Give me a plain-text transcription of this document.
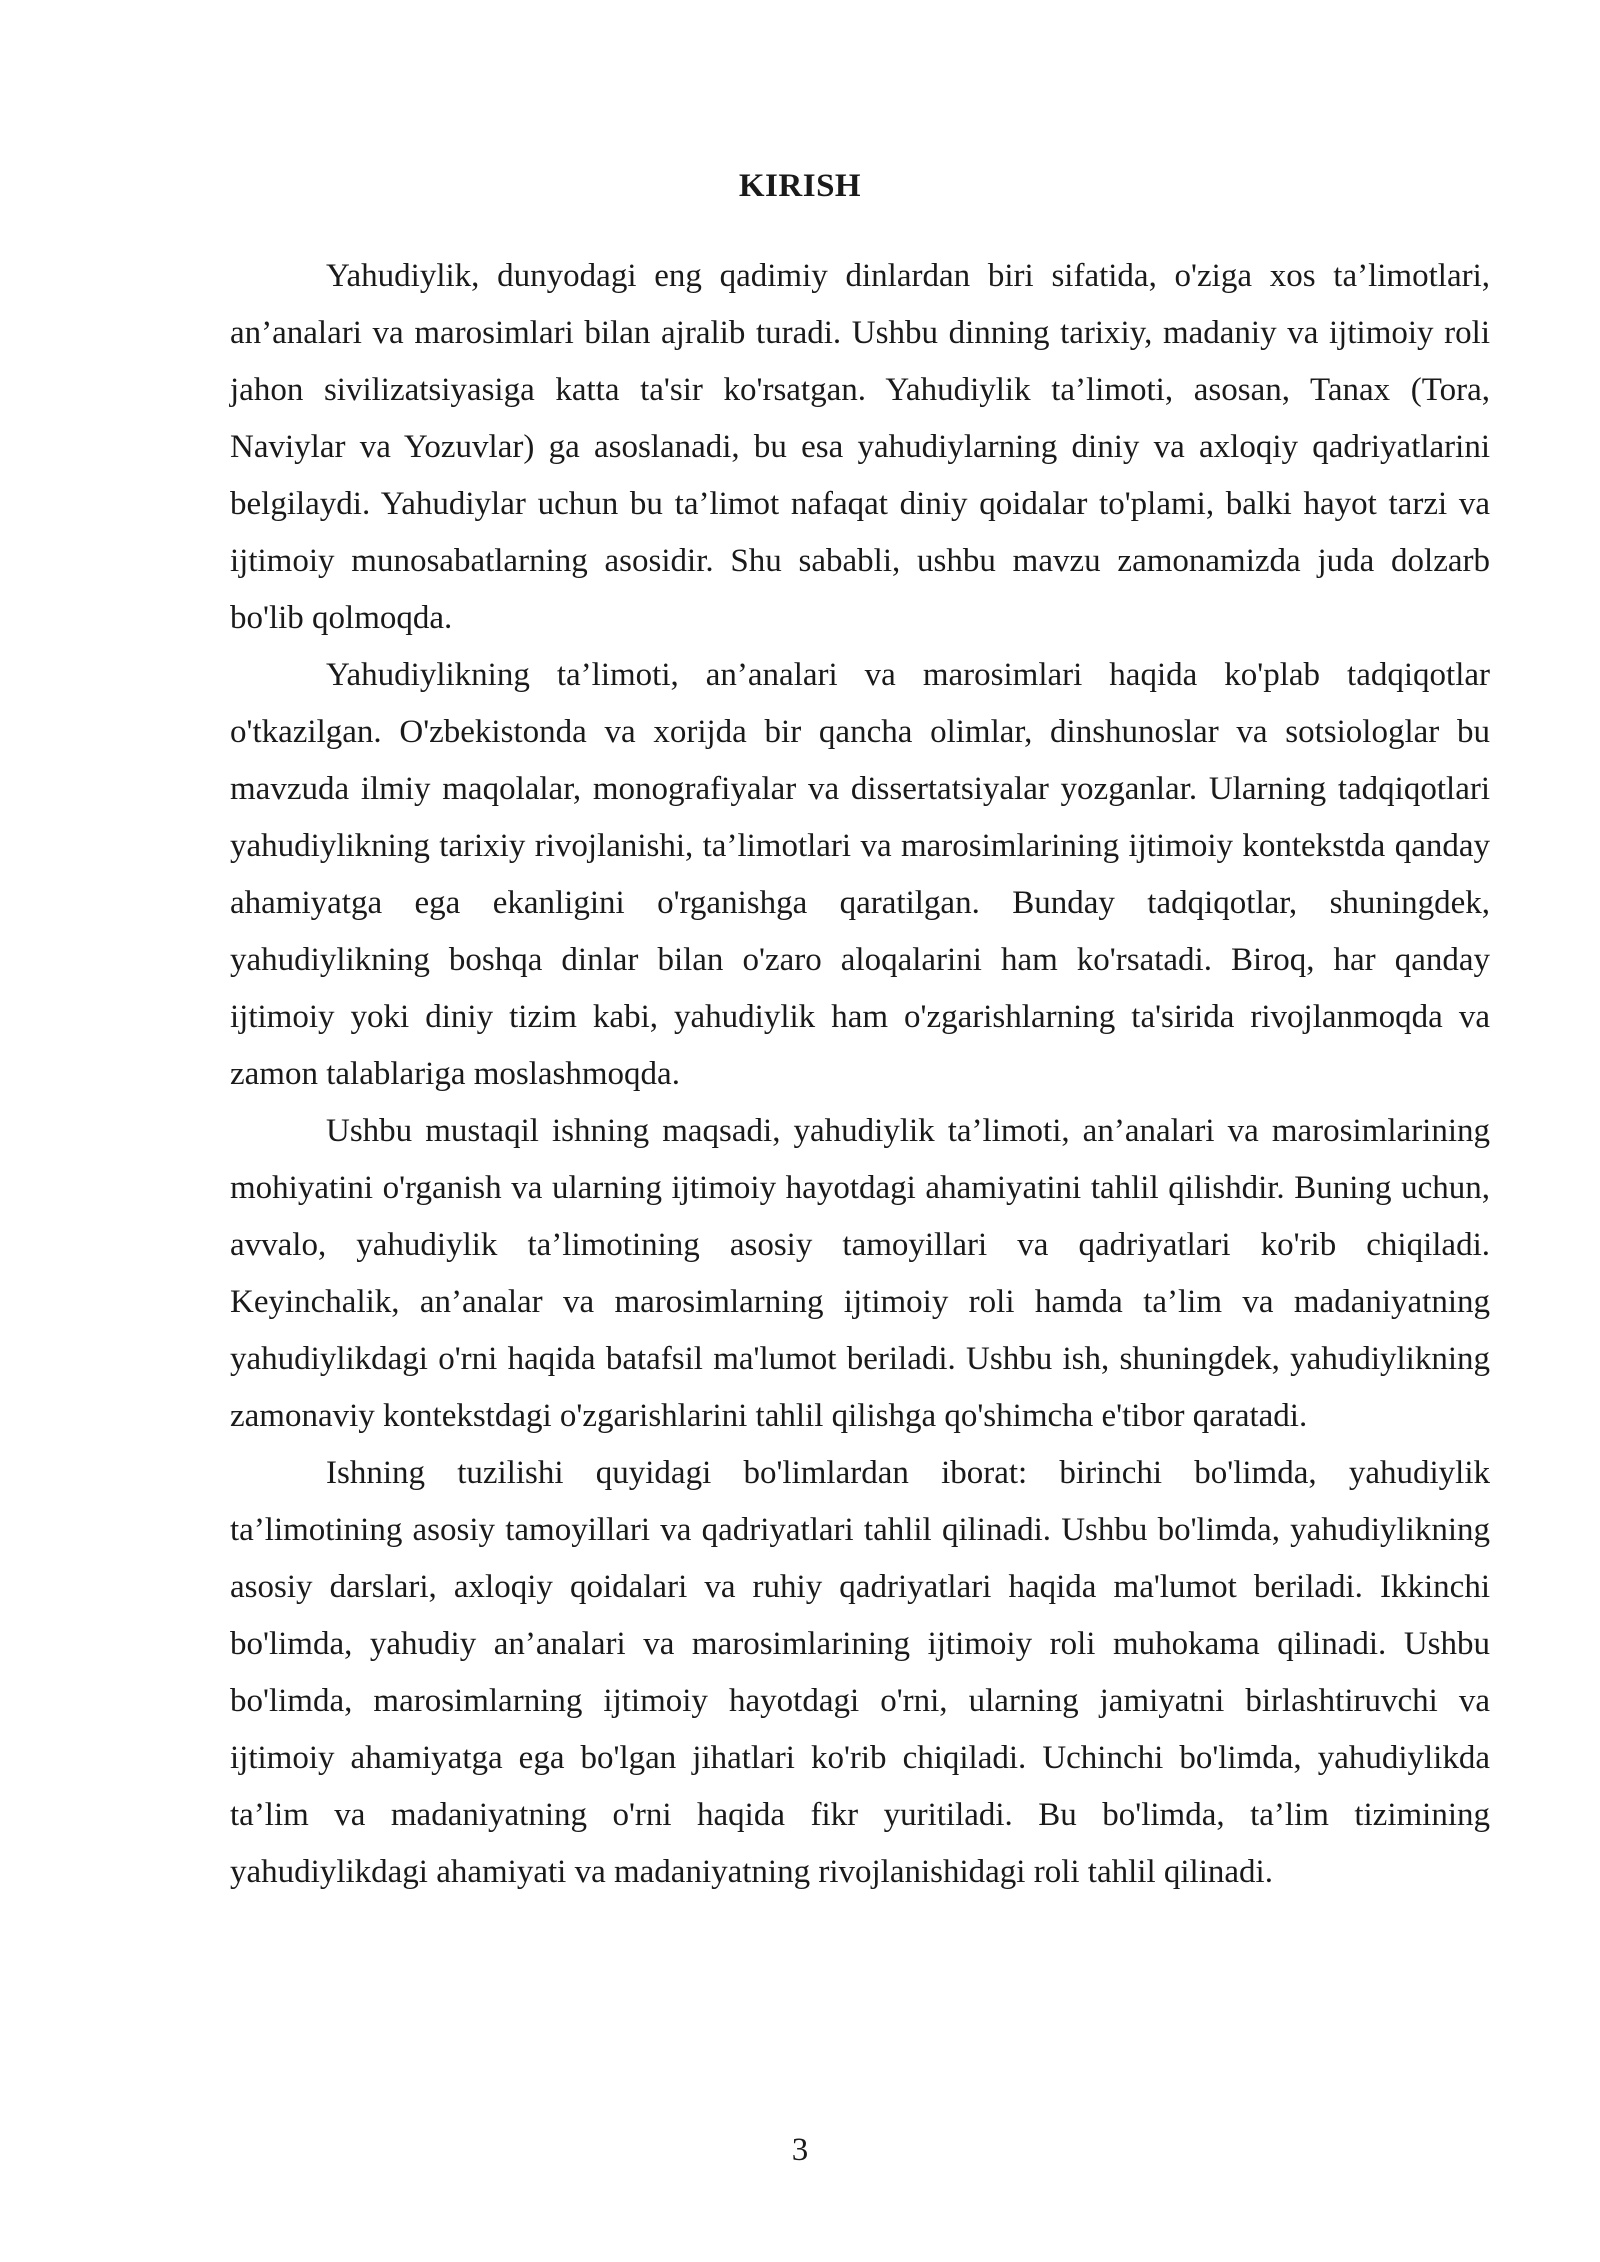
KIRISH

Yahudiylik, dunyodagi eng qadimiy dinlardan biri sifatida, o'ziga xos ta’limotlari, an’analari va marosimlari bilan ajralib turadi. Ushbu dinning tarixiy, madaniy va ijtimoiy roli jahon sivilizatsiyasiga katta ta'sir ko'rsatgan. Yahudiylik ta’limoti, asosan, Tanax (Tora, Naviylar va Yozuvlar) ga asoslanadi, bu esa yahudiylarning diniy va axloqiy qadriyatlarini belgilaydi. Yahudiylar uchun bu ta’limot nafaqat diniy qoidalar to'plami, balki hayot tarzi va ijtimoiy munosabatlarning asosidir. Shu sababli, ushbu mavzu zamonamizda juda dolzarb bo'lib qolmoqda.

Yahudiylikning ta’limoti, an’analari va marosimlari haqida ko'plab tadqiqotlar o'tkazilgan. O'zbekistonda va xorijda bir qancha olimlar, dinshunoslar va sotsiologlar bu mavzuda ilmiy maqolalar, monografiyalar va dissertatsiyalar yozganlar. Ularning tadqiqotlari yahudiylikning tarixiy rivojlanishi, ta’limotlari va marosimlarining ijtimoiy kontekstda qanday ahamiyatga ega ekanligini o'rganishga qaratilgan. Bunday tadqiqotlar, shuningdek, yahudiylikning boshqa dinlar bilan o'zaro aloqalarini ham ko'rsatadi. Biroq, har qanday ijtimoiy yoki diniy tizim kabi, yahudiylik ham o'zgarishlarning ta'sirida rivojlanmoqda va zamon talablariga moslashmoqda.

Ushbu mustaqil ishning maqsadi, yahudiylik ta’limoti, an’analari va marosimlarining mohiyatini o'rganish va ularning ijtimoiy hayotdagi ahamiyatini tahlil qilishdir. Buning uchun, avvalo, yahudiylik ta’limotining asosiy tamoyillari va qadriyatlari ko'rib chiqiladi. Keyinchalik, an’analar va marosimlarning ijtimoiy roli hamda ta’lim va madaniyatning yahudiylikdagi o'rni haqida batafsil ma'lumot beriladi. Ushbu ish, shuningdek, yahudiylikning zamonaviy kontekstdagi o'zgarishlarini tahlil qilishga qo'shimcha e'tibor qaratadi.

Ishning tuzilishi quyidagi bo'limlardan iborat: birinchi bo'limda, yahudiylik ta’limotining asosiy tamoyillari va qadriyatlari tahlil qilinadi. Ushbu bo'limda, yahudiylikning asosiy darslari, axloqiy qoidalari va ruhiy qadriyatlari haqida ma'lumot beriladi. Ikkinchi bo'limda, yahudiy an’analari va marosimlarining ijtimoiy roli muhokama qilinadi. Ushbu bo'limda, marosimlarning ijtimoiy hayotdagi o'rni, ularning jamiyatni birlashtiruvchi va ijtimoiy ahamiyatga ega bo'lgan jihatlari ko'rib chiqiladi. Uchinchi bo'limda, yahudiylikda ta’lim va madaniyatning o'rni haqida fikr yuritiladi. Bu bo'limda, ta’lim tizimining yahudiylikdagi ahamiyati va madaniyatning rivojlanishidagi roli tahlil qilinadi.

3
